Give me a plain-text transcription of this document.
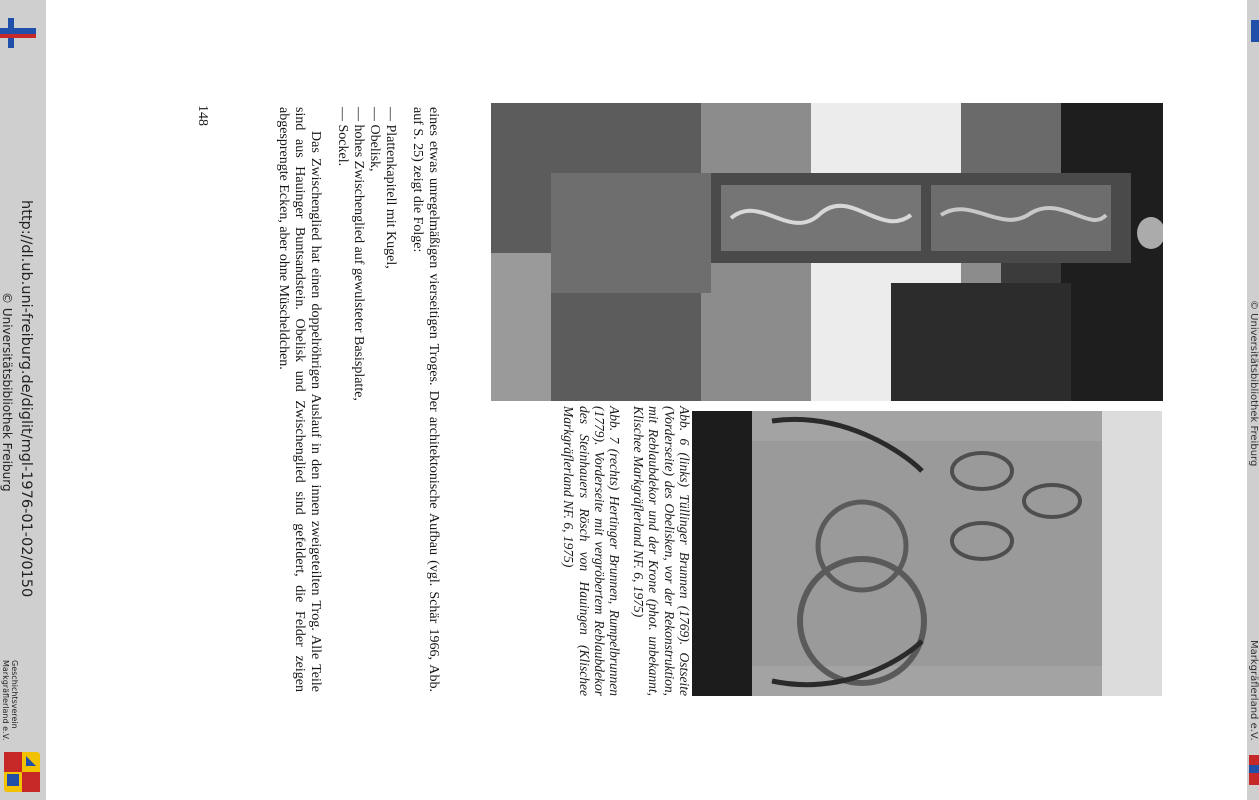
© Universitätsbibliothek Freiburg
Markgräflerland e.V.

Abb. 6 (links) Tüllinger Brunnen (1769). Ostseite (Vorderseite) des Obelisken, vor der Rekonstruktion, mit Reblaubdekor und der Krone (phot. unbekannt, Klischee Markgräflerland NF. 6, 1975)

Abb. 7 (rechts) Hertinger Brunnen, Rumpelbrunnen (1779). Vorderseite mit vergröbertem Reblaubdekor des Steinhauers Rösch von Hauingen (Klischee Markgräflerland NF. 6, 1975)

eines etwas unregelmäßigen vierseitigen Troges. Der architektonische Aufbau (vgl. Schär 1966, Abb. auf S. 25) zeigt die Folge:

— Plattenkapitell mit Kugel,
— Obelisk,
— hohes Zwischenglied auf gewulsteter Basisplatte,
— Sockel.

Das Zwischenglied hat einen doppelröhrigen Auslauf in den innen zweigeteilten Trog. Alle Teile sind aus Hauinger Buntsandstein. Obelisk und Zwischenglied sind gefeldert, die Felder zeigen abgesprengte Ecken, aber ohne Müscheldchen.

148
http://dl.ub.uni-freiburg.de/diglit/mgl-1976-01-02/0150
© Universitätsbibliothek Freiburg
Geschichtsverein
Markgräflerland e.V.
